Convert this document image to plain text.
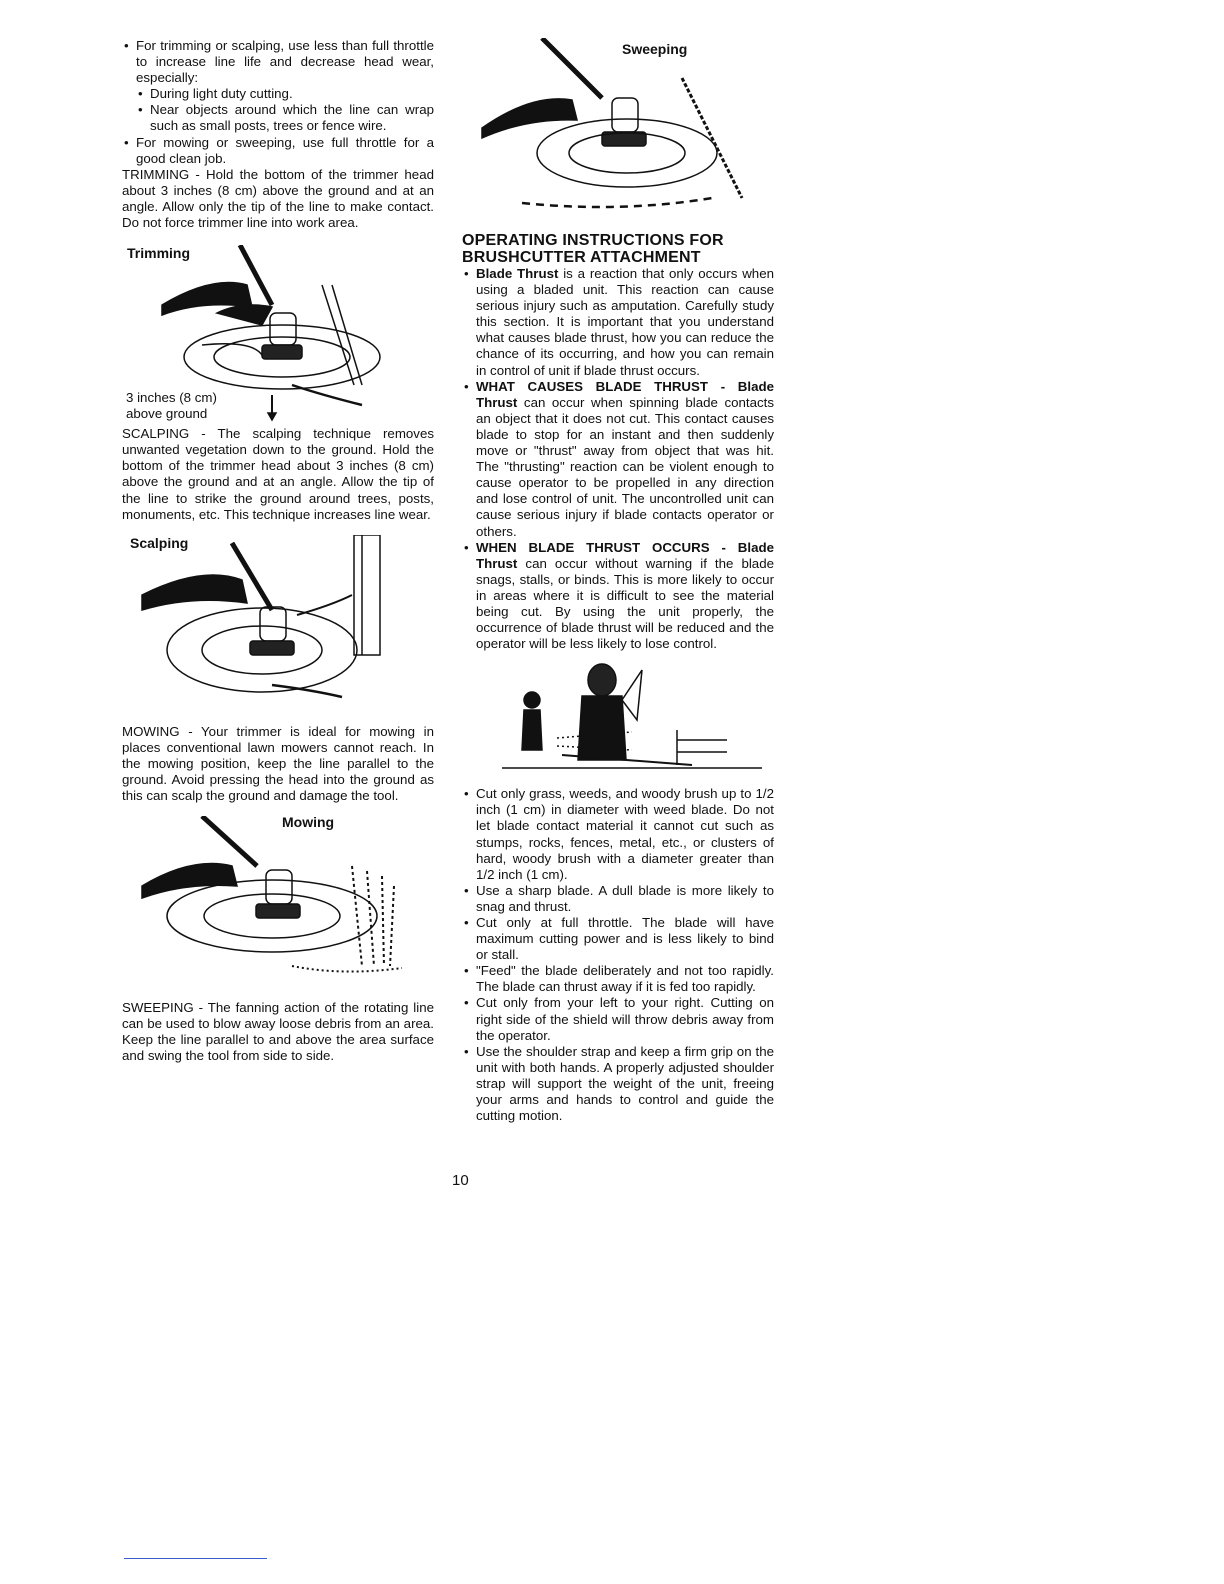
• For trimming or scalping, use less than full throttle to increase line life and decrease head wear, especially:

• During light duty cutting.

• Near objects around which the line can wrap such as small posts, trees or fence wire.

• For mowing or sweeping, use full throttle for a good clean job.

TRIMMING - Hold the bottom of the trimmer head about 3 inches (8 cm) above the ground and at an angle. Allow only the tip of the line to make contact. Do not force trimmer line into work area.

Trimming
3 inches (8 cm)
above ground

SCALPING - The scalping technique removes unwanted vegetation down to the ground. Hold the bottom of the trimmer head about 3 inches (8 cm) above the ground and at an angle. Allow the tip of the line to strike the ground around trees, posts, monuments, etc. This technique increases line wear.

Scalping

MOWING - Your trimmer is ideal for mowing in places conventional lawn mowers cannot reach. In the mowing position, keep the line parallel to the ground. Avoid pressing the head into the ground as this can scalp the ground and damage the tool.

Mowing

SWEEPING - The fanning action of the rotating line can be used to blow away loose debris from an area. Keep the line parallel to and above the area surface and swing the tool from side to side.

Sweeping
OPERATING INSTRUCTIONS FOR
BRUSHCUTTER ATTACHMENT

• Blade Thrust is a reaction that only occurs when using a bladed unit. This reaction can cause serious injury such as amputation. Carefully study this section. It is important that you understand what causes blade thrust, how you can reduce the chance of its occurring, and how you can remain in control of unit if blade thrust occurs.

• WHAT CAUSES BLADE THRUST - Blade Thrust can occur when spinning blade contacts an object that it does not cut. This contact causes blade to stop for an instant and then suddenly move or "thrust" away from object that was hit. The "thrusting" reaction can be violent enough to cause operator to be propelled in any direction and lose control of unit. The uncontrolled unit can cause serious injury if blade contacts operator or others.

• WHEN BLADE THRUST OCCURS - Blade Thrust can occur without warning if the blade snags, stalls, or binds. This is more likely to occur in areas where it is difficult to see the material being cut. By using the unit properly, the occurrence of blade thrust will be reduced and the operator will be less likely to lose control.

• Cut only grass, weeds, and woody brush up to 1/2 inch (1 cm) in diameter with weed blade. Do not let blade contact material it cannot cut such as stumps, rocks, fences, metal, etc., or clusters of hard, woody brush with a diameter greater than 1/2 inch (1 cm).

• Use a sharp blade. A dull blade is more likely to snag and thrust.

• Cut only at full throttle. The blade will have maximum cutting power and is less likely to bind or stall.

• "Feed" the blade deliberately and not too rapidly. The blade can thrust away if it is fed too rapidly.

• Cut only from your left to your right. Cutting on right side of the shield will throw debris away from the operator.

• Use the shoulder strap and keep a firm grip on the unit with both hands. A properly adjusted shoulder strap will support the weight of the unit, freeing your arms and hands to control and guide the cutting motion.

10
